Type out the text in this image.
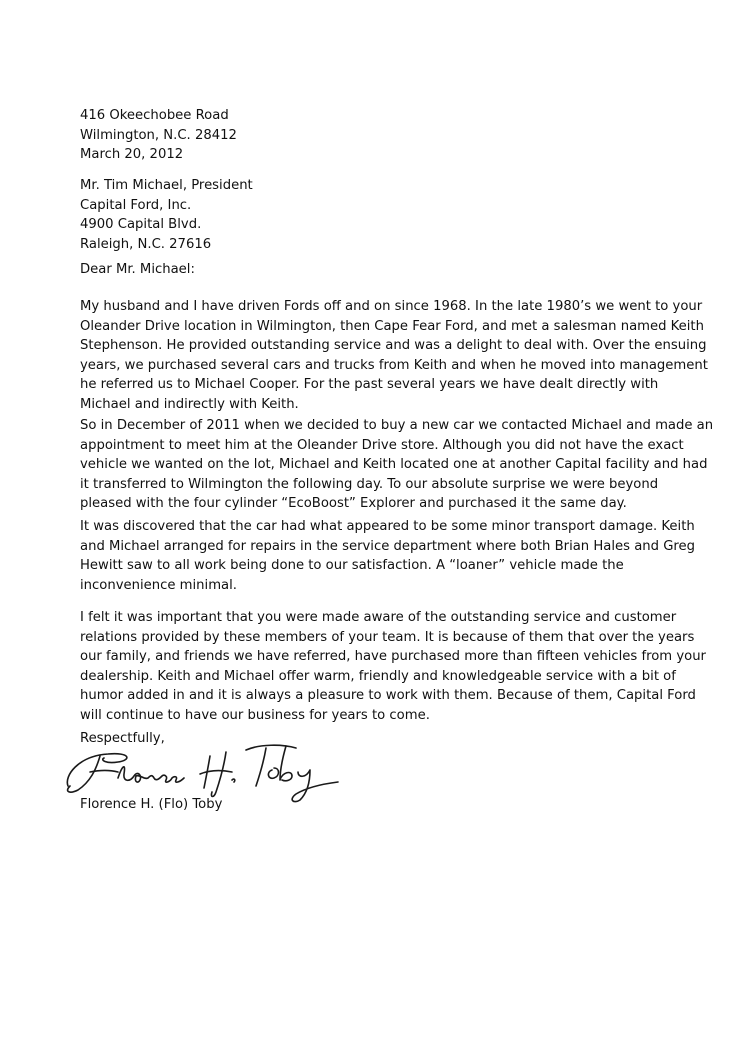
416 Okeechobee Road
Wilmington, N.C. 28412
March 20, 2012
Mr. Tim Michael, President
Capital Ford, Inc.
4900 Capital Blvd.
Raleigh, N.C. 27616
Dear Mr. Michael:
My husband and I have driven Fords off and on since 1968. In the late 1980’s we went to your
Oleander Drive location in Wilmington, then Cape Fear Ford, and met a salesman named Keith
Stephenson. He provided outstanding service and was a delight to deal with. Over the ensuing
years, we purchased several cars and trucks from Keith and when he moved into management
he referred us to Michael Cooper. For the past several years we have dealt directly with
Michael and indirectly with Keith.
So in December of 2011 when we decided to buy a new car we contacted Michael and made an
appointment to meet him at the Oleander Drive store. Although you did not have the exact
vehicle we wanted on the lot, Michael and Keith located one at another Capital facility and had
it transferred to Wilmington the following day. To our absolute surprise we were beyond
pleased with the four cylinder “EcoBoost” Explorer and purchased it the same day.
It was discovered that the car had what appeared to be some minor transport damage. Keith
and Michael arranged for repairs in the service department where both Brian Hales and Greg
Hewitt saw to all work being done to our satisfaction. A “loaner” vehicle made the
inconvenience minimal.
I felt it was important that you were made aware of the outstanding service and customer
relations provided by these members of your team. It is because of them that over the years
our family, and friends we have referred, have purchased more than fifteen vehicles from your
dealership. Keith and Michael offer warm, friendly and knowledgeable service with a bit of
humor added in and it is always a pleasure to work with them. Because of them, Capital Ford
will continue to have our business for years to come.
Respectfully,
Florence H. (Flo) Toby
